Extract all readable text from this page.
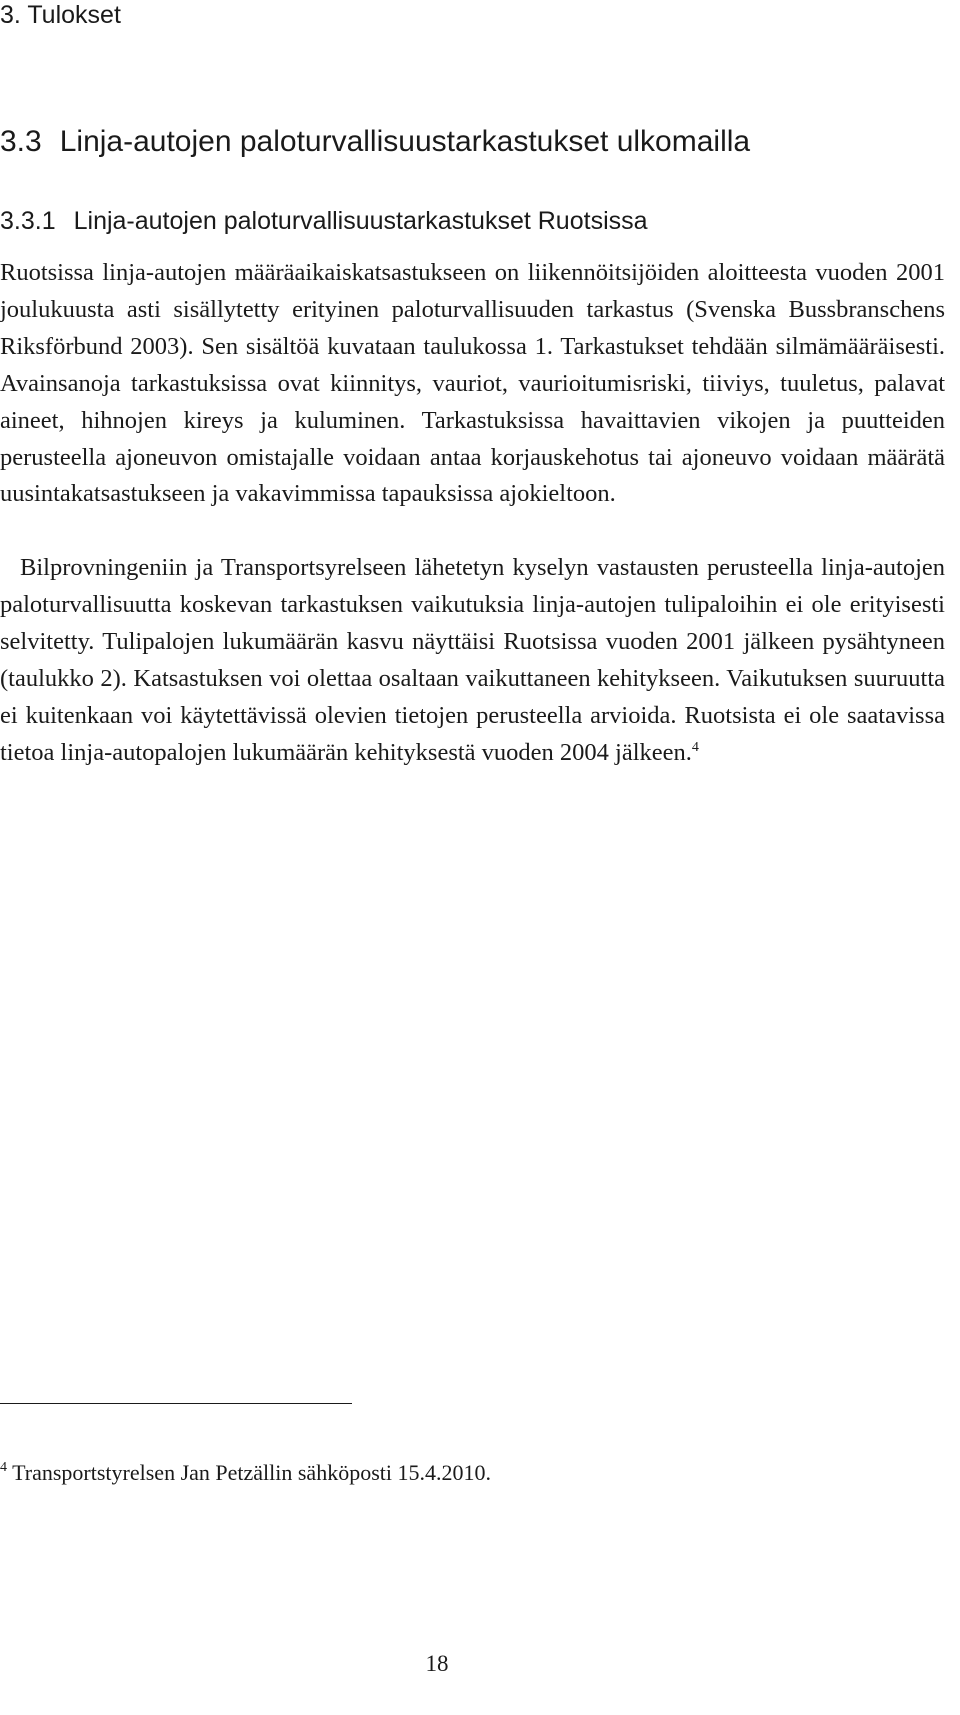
3. Tulokset
3.3 Linja-autojen paloturvallisuustarkastukset ulkomailla
3.3.1 Linja-autojen paloturvallisuustarkastukset Ruotsissa

Ruotsissa linja-autojen määräaikaiskatsastukseen on liikennöitsijöiden aloitteesta vuoden 2001 joulukuusta asti sisällytetty erityinen paloturvallisuuden tarkastus (Svenska Bussbranschens Riksförbund 2003). Sen sisältöä kuvataan taulukossa 1. Tarkastukset tehdään silmämääräisesti. Avainsanoja tarkastuksissa ovat kiinnitys, vauriot, vaurioitumisriski, tiiviys, tuuletus, palavat aineet, hihnojen kireys ja kuluminen. Tarkastuksissa havaittavien vikojen ja puutteiden perusteella ajoneuvon omistajalle voidaan antaa korjauskehotus tai ajoneuvo voidaan määrätä uusintakatsastukseen ja vakavimmissa tapauksissa ajokieltoon.

Bilprovningeniin ja Transportsyrelseen lähetetyn kyselyn vastausten perusteella linja-autojen paloturvallisuutta koskevan tarkastuksen vaikutuksia linja-autojen tulipaloihin ei ole erityisesti selvitetty. Tulipalojen lukumäärän kasvu näyttäisi Ruotsissa vuoden 2001 jälkeen pysähtyneen (taulukko 2). Katsastuksen voi olettaa osaltaan vaikuttaneen kehitykseen. Vaikutuksen suuruutta ei kuitenkaan voi käytettävissä olevien tietojen perusteella arvioida. Ruotsista ei ole saatavissa tietoa linja-autopalojen lukumäärän kehityksestä vuoden 2004 jälkeen.$^4$

$^4$ Transportstyrelsen Jan Petzällin sähköposti 15.4.2010.

18
